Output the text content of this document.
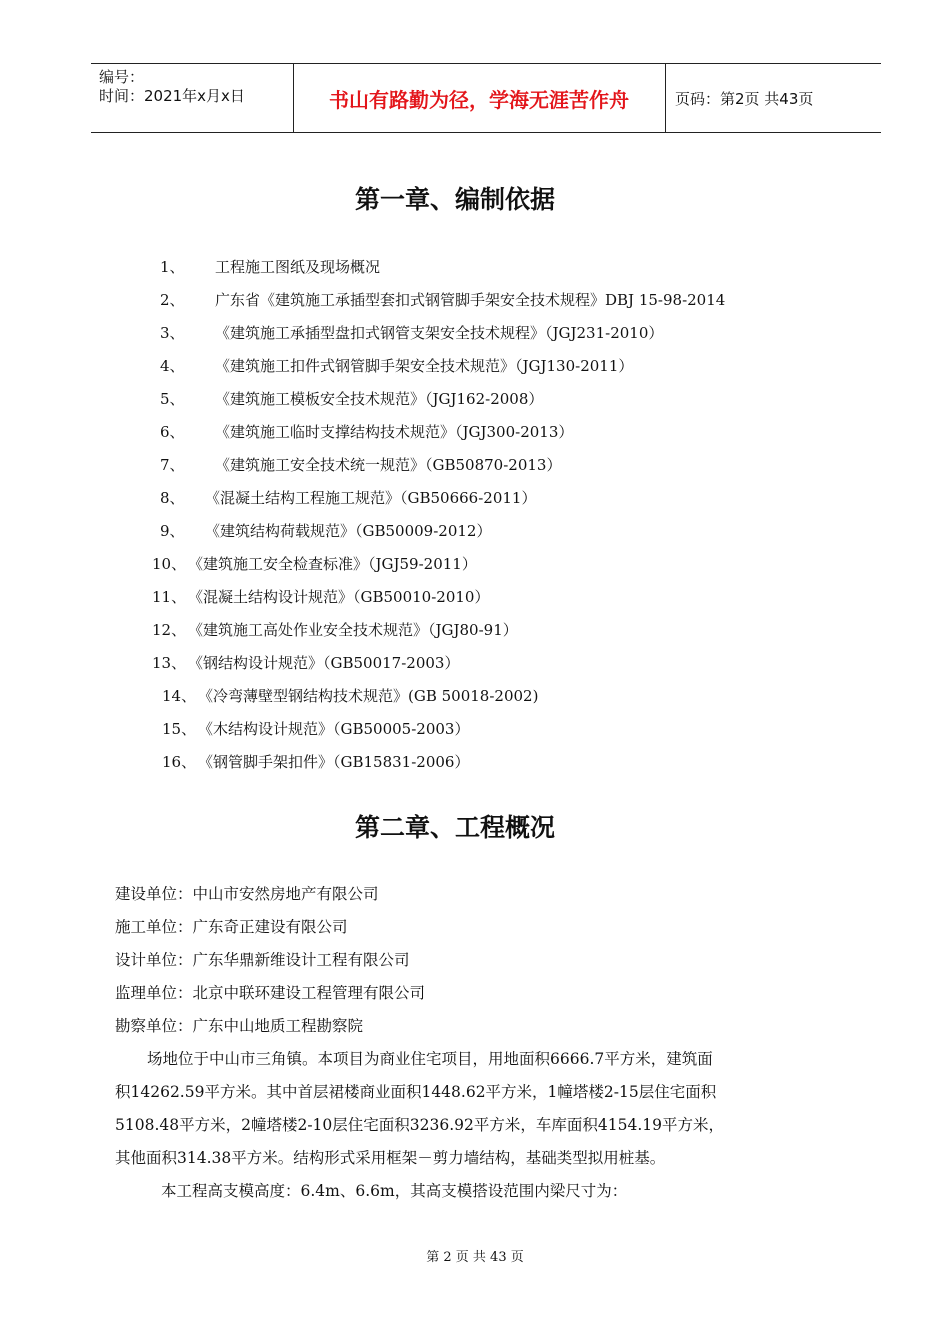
编号：
时间：2021年x月x日	书山有路勤为径，学海无涯苦作舟	页码：第2页 共43页
第一章、编制依据
1、 工程施工图纸及现场概况
2、 广东省《建筑施工承插型套扣式钢管脚手架安全技术规程》DBJ 15-98-2014
3、 《建筑施工承插型盘扣式钢管支架安全技术规程》（JGJ231-2010）
4、 《建筑施工扣件式钢管脚手架安全技术规范》（JGJ130-2011）
5、 《建筑施工模板安全技术规范》（JGJ162-2008）
6、 《建筑施工临时支撑结构技术规范》（JGJ300-2013）
7、 《建筑施工安全技术统一规范》（GB50870-2013）
8、 《混凝土结构工程施工规范》（GB50666-2011）
9、 《建筑结构荷载规范》（GB50009-2012）
10、 《建筑施工安全检查标准》（JGJ59-2011）
11、 《混凝土结构设计规范》（GB50010-2010）
12、 《建筑施工高处作业安全技术规范》（JGJ80-91）
13、 《钢结构设计规范》（GB50017-2003）
14、 《冷弯薄壁型钢结构技术规范》(GB 50018-2002)
15、 《木结构设计规范》（GB50005-2003）
16、 《钢管脚手架扣件》（GB15831-2006）
第二章、工程概况
建设单位：中山市安然房地产有限公司
施工单位：广东奇正建设有限公司
设计单位：广东华鼎新维设计工程有限公司
监理单位：北京中联环建设工程管理有限公司
勘察单位：广东中山地质工程勘察院
场地位于中山市三角镇。本项目为商业住宅项目，用地面积6666.7平方米，建筑面
积14262.59平方米。其中首层裙楼商业面积1448.62平方米，1幢塔楼2-15层住宅面积
5108.48平方米，2幢塔楼2-10层住宅面积3236.92平方米，车库面积4154.19平方米，
其他面积314.38平方米。结构形式采用框架－剪力墙结构，基础类型拟用桩基。
本工程高支模高度：6.4m、6.6m，其高支模搭设范围内梁尺寸为：
第 2 页 共 43 页
